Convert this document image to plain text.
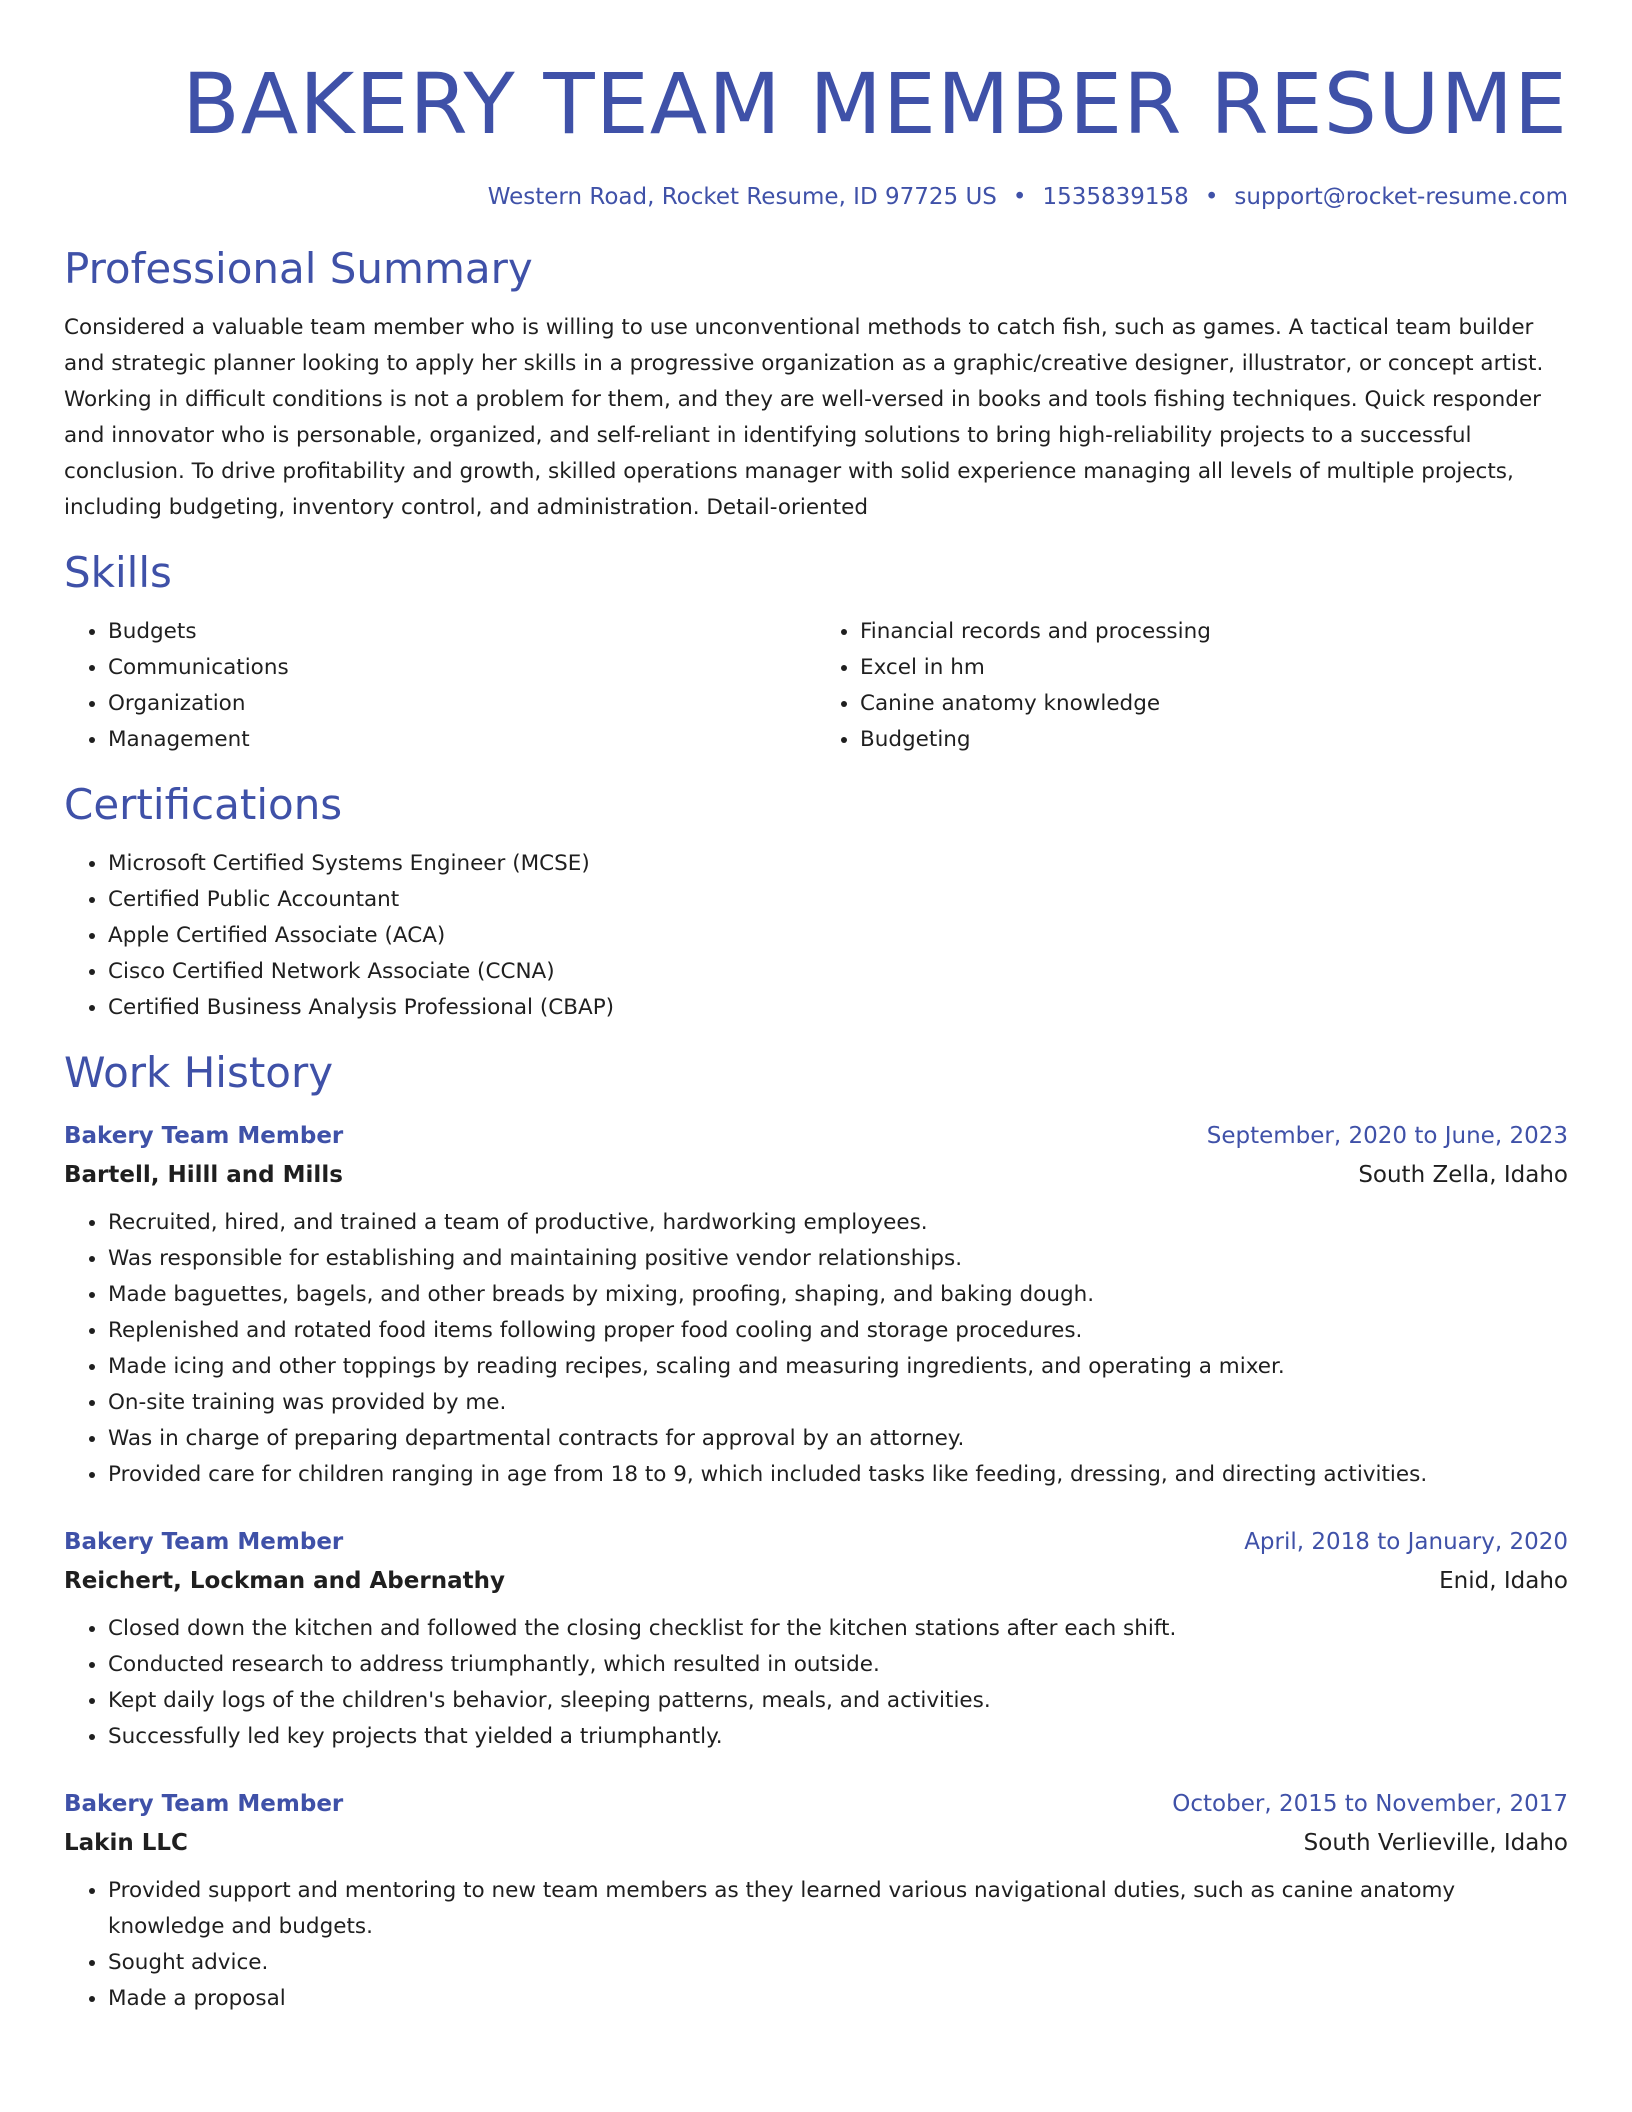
BAKERY TEAM MEMBER RESUME
Western Road, Rocket Resume, ID 97725 US • 1535839158 • support@rocket-resume.com
Professional Summary

Considered a valuable team member who is willing to use unconventional methods to catch fish, such as games. A tactical team builder and strategic planner looking to apply her skills in a progressive organization as a graphic/creative designer, illustrator, or concept artist. Working in difficult conditions is not a problem for them, and they are well-versed in books and tools fishing techniques. Quick responder and innovator who is personable, organized, and self-reliant in identifying solutions to bring high-reliability projects to a successful conclusion. To drive profitability and growth, skilled operations manager with solid experience managing all levels of multiple projects, including budgeting, inventory control, and administration. Detail-oriented

Skills
• Budgets
• Communications
• Organization
• Management
• Financial records and processing
• Excel in hm
• Canine anatomy knowledge
• Budgeting
Certifications
• Microsoft Certified Systems Engineer (MCSE)
• Certified Public Accountant
• Apple Certified Associate (ACA)
• Cisco Certified Network Associate (CCNA)
• Certified Business Analysis Professional (CBAP)
Work History
Bakery Team Member	September, 2020 to June, 2023
Bartell, Hilll and Mills	South Zella, Idaho
• Recruited, hired, and trained a team of productive, hardworking employees.
• Was responsible for establishing and maintaining positive vendor relationships.
• Made baguettes, bagels, and other breads by mixing, proofing, shaping, and baking dough.
• Replenished and rotated food items following proper food cooling and storage procedures.
• Made icing and other toppings by reading recipes, scaling and measuring ingredients, and operating a mixer.
• On-site training was provided by me.
• Was in charge of preparing departmental contracts for approval by an attorney.
• Provided care for children ranging in age from 18 to 9, which included tasks like feeding, dressing, and directing activities.
Bakery Team Member	April, 2018 to January, 2020
Reichert, Lockman and Abernathy	Enid, Idaho
• Closed down the kitchen and followed the closing checklist for the kitchen stations after each shift.
• Conducted research to address triumphantly, which resulted in outside.
• Kept daily logs of the children's behavior, sleeping patterns, meals, and activities.
• Successfully led key projects that yielded a triumphantly.
Bakery Team Member	October, 2015 to November, 2017
Lakin LLC	South Verlieville, Idaho
• Provided support and mentoring to new team members as they learned various navigational duties, such as canine anatomy knowledge and budgets.
• Sought advice.
• Made a proposal
